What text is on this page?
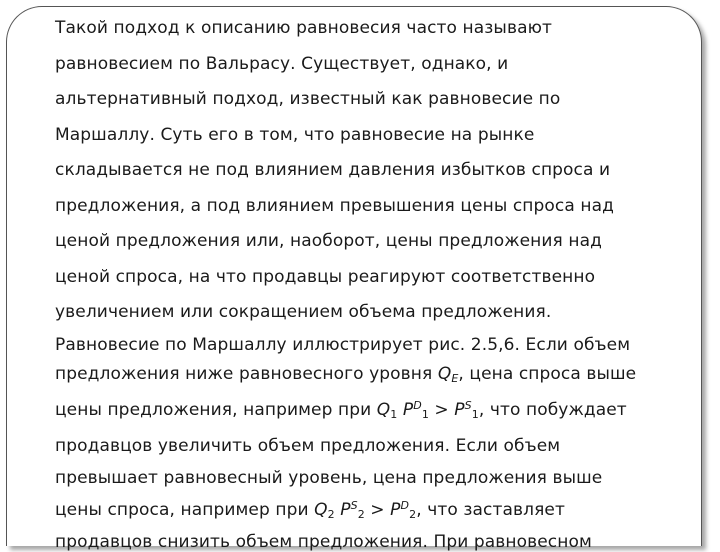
Такой подход к описанию равновесия часто называют
равновесием по Вальрасу. Существует, однако, и
альтернативный подход, известный как равновесие по
Маршаллу. Суть его в том, что равновесие на рынке
складывается не под влиянием давления избытков спроса и
предложения, а под влиянием превышения цены спроса над
ценой предложения или, наоборот, цены предложения над
ценой спроса, на что продавцы реагируют соответственно
увеличением или сокращением объема предложения.
Равновесие по Маршаллу иллюстрирует рис. 2.5,6. Если объем
предложения ниже равновесного уровня $Q_E$, цена спроса выше
цены предложения, например при $Q_1$ $P^D_1 > P^S_1$, что побуждает
продавцов увеличить объем предложения. Если объем
превышает равновесный уровень, цена предложения выше
цены спроса, например при $Q_2$ $P^S_2 > P^D_2$, что заставляет
продавцов снизить объем предложения. При равновесном
